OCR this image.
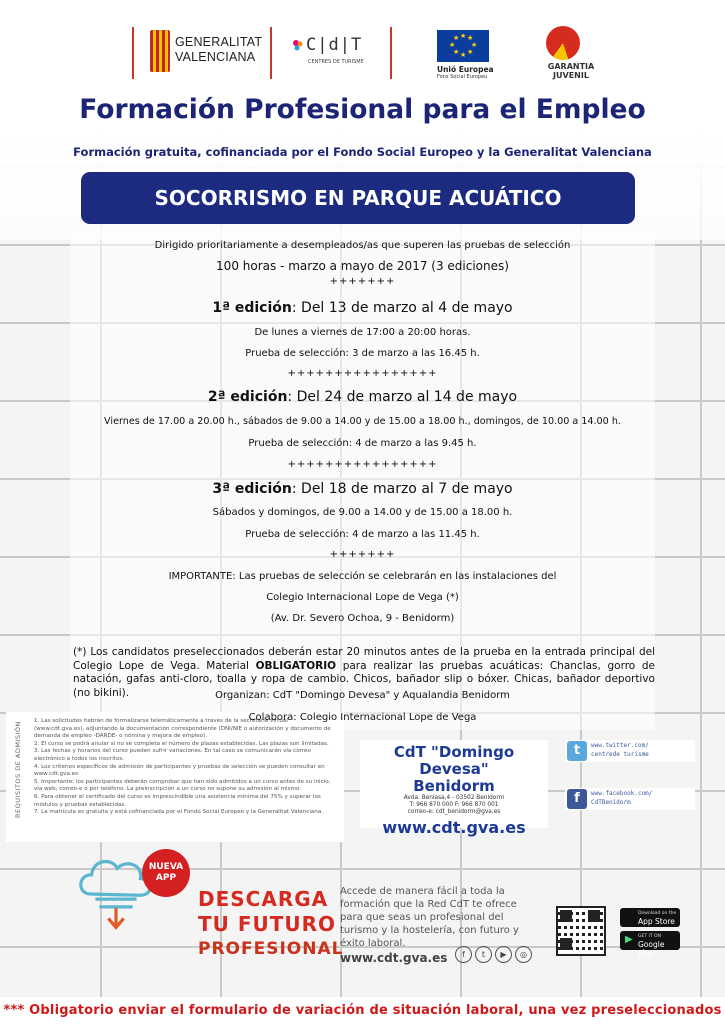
GENERALITAT
VALENCIANA
C|d|T
CENTRES DE TURISME
★ ★
★
★
★
★
★
★
Unió Europea
Fons Social Europeu
GARANTIA
JUVENIL
Formación Profesional para el Empleo
Formación gratuita, cofinanciada por el Fondo Social Europeo y la Generalitat Valenciana
SOCORRISMO EN PARQUE ACUÁTICO
Dirigido prioritariamente a desempleados/as que superen las pruebas de selección
100 horas - marzo a mayo de 2017 (3 ediciones)
+++++++
1ª edición: Del 13 de marzo al 4 de mayo
De lunes a viernes de 17:00 a 20:00 horas.
Prueba de selección: 3 de marzo a las 16.45 h.
++++++++++++++++
2ª edición: Del 24 de marzo al 14 de mayo
Viernes de 17.00 a 20.00 h., sábados de 9.00 a 14.00 y de 15.00 a 18.00 h., domingos, de 10.00 a 14.00 h.
Prueba de selección: 4 de marzo a las 9.45 h.
++++++++++++++++
3ª edición: Del 18 de marzo al 7 de mayo
Sábados y domingos, de 9.00 a 14.00 y de 15.00 a 18.00 h.
Prueba de selección: 4 de marzo a las 11.45 h.
+++++++
IMPORTANTE: Las pruebas de selección se celebrarán en las instalaciones del
Colegio Internacional Lope de Vega (*)
(Av. Dr. Severo Ochoa, 9 - Benidorm)
(*) Los candidatos preseleccionados deberán estar 20 minutos antes de la prueba en la entrada principal del Colegio Lope de Vega. Material OBLIGATORIO para realizar las pruebas acuáticas: Chanclas, gorro de natación, gafas anti-cloro, toalla y ropa de cambio. Chicos, bañador slip o bóxer. Chicas, bañador deportivo (no bikini).	Organizan: CdT "Domingo Devesa" y Aqualandia Benidorm
1. Las solicitudes habrán de formalizarse telemáticamente a través de la secretaría virtual (www.cdt.gva.es), adjuntando la documentación correspondiente (DNI/NIE o autorización y documento de demanda de empleo -DARDE- o nómina y mejora de empleo).
2. El curso se podrá anular si no se completa el número de plazas establecidas. Las plazas son limitadas.
3. Las fechas y horarios del curso pueden sufrir variaciones. En tal caso se comunicarán vía correo electrónico a todos los inscritos.
4. Los criterios específicos de admisión de participantes y pruebas de selección se pueden consultar en www.cdt.gva.es
5. Importante: los participantes deberán comprobar que han sido admitidos a un curso antes de su inicio, vía web, correo-e o por teléfono. La preinscripción a un curso no supone su admisión al mismo.
6. Para obtener el certificado del curso es imprescindible una asistencia mínima del 75% y superar los módulos y pruebas establecidas.
7. La matrícula es gratuita y está cofinanciada por el Fondo Social Europeo y la Generalitat Valenciana.
REQUISITOS DE ADMISIÓN
Colabora: Colegio Internacional Lope de Vega
CdT "Domingo Devesa"
Benidorm
Avda. Beniasa,4 - 03502 Benidorm
T: 966 870 000 F: 966 870 001
correo-e: cdt_benidorm@gva.es
www.cdt.gva.es
t	www.twitter.com/
centrede turisme
f	www.facebook.com/
CdTBenidorm
NUEVA
APP
DESCARGA
TU FUTURO
PROFESIONAL
Accede de manera fácil a toda la formación que la Red CdT te ofrece para que seas un profesional del turismo y la hostelería, con futuro y éxito laboral.
www.cdt.gva.es	f	t	▶	◎
Download on the
App Store
▶ GET IT ON
Google play
*** Obligatorio enviar el formulario de variación de situación laboral, una vez preseleccionados
